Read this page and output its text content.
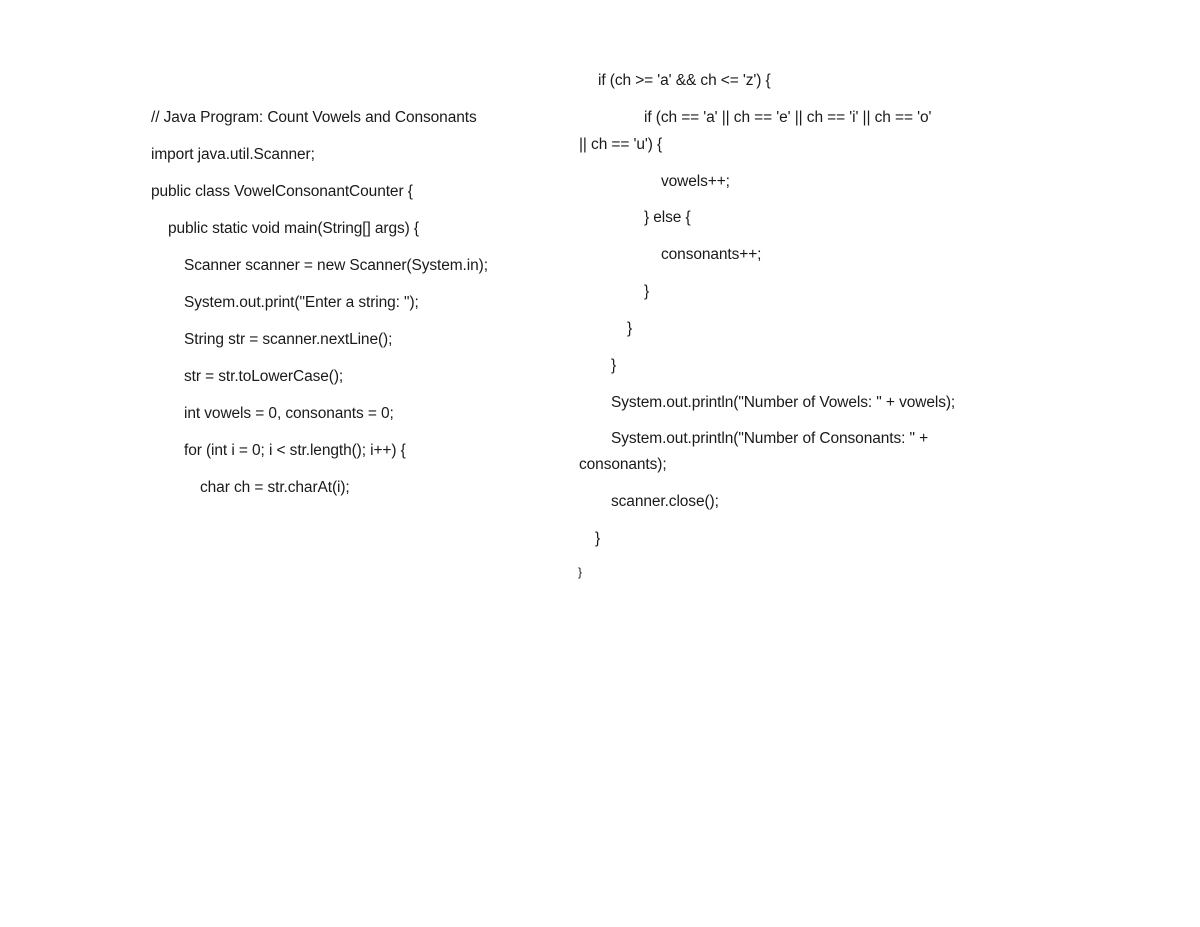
// Java Program: Count Vowels and Consonants
import java.util.Scanner;
public class VowelConsonantCounter {
public static void main(String[] args) {
Scanner scanner = new Scanner(System.in);
System.out.print("Enter a string: ");
String str = scanner.nextLine();
str = str.toLowerCase();
int vowels = 0, consonants = 0;
for (int i = 0; i < str.length(); i++) {
char ch = str.charAt(i);
if (ch >= 'a' && ch <= 'z') {
if (ch == 'a' || ch == 'e' || ch == 'i' || ch == 'o'
|| ch == 'u') {
vowels++;
} else {
consonants++;
}
}
}
System.out.println("Number of Vowels: " + vowels);
System.out.println("Number of Consonants: " +
consonants);
scanner.close();
}
}
